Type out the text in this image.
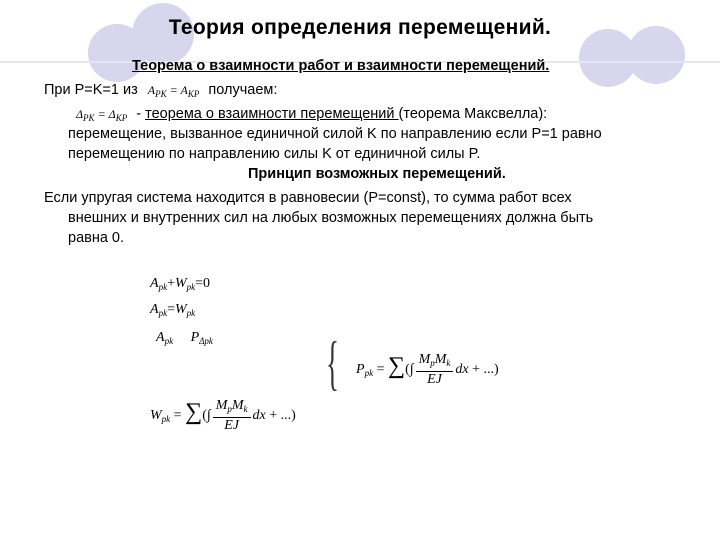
Теория определения перемещений.
Теорема о взаимности работ и взаимности перемещений.
При P=K=1 из $A_{PK} = A_{KP}$ получаем:
$\Delta_{PK} = \Delta_{KP}$ - теорема о взаимности перемещений (теорема Максвелла):
перемещение, вызванное единичной силой K по направлению если P=1 равно
перемещению по направлению силы K от единичной силы P.
Принцип возможных перемещений.
Если упругая система находится в равновесии (P=const), то сумма работ всех
внешних и внутренних сил на любых возможных перемещениях должна быть
равна 0.
$A_{pk}+W_{pk}=0$
$A_{pk}=W_{pk}$
$A_{pk}$ $P_{\Delta pk}$ { $P_{pk}$ = ∑(∫ $\frac{M_pM_k}{EJ}$ dx + ...)
$W_{pk}$ = ∑(∫ $\frac{M_pM_k}{EJ}$ dx + ...)
